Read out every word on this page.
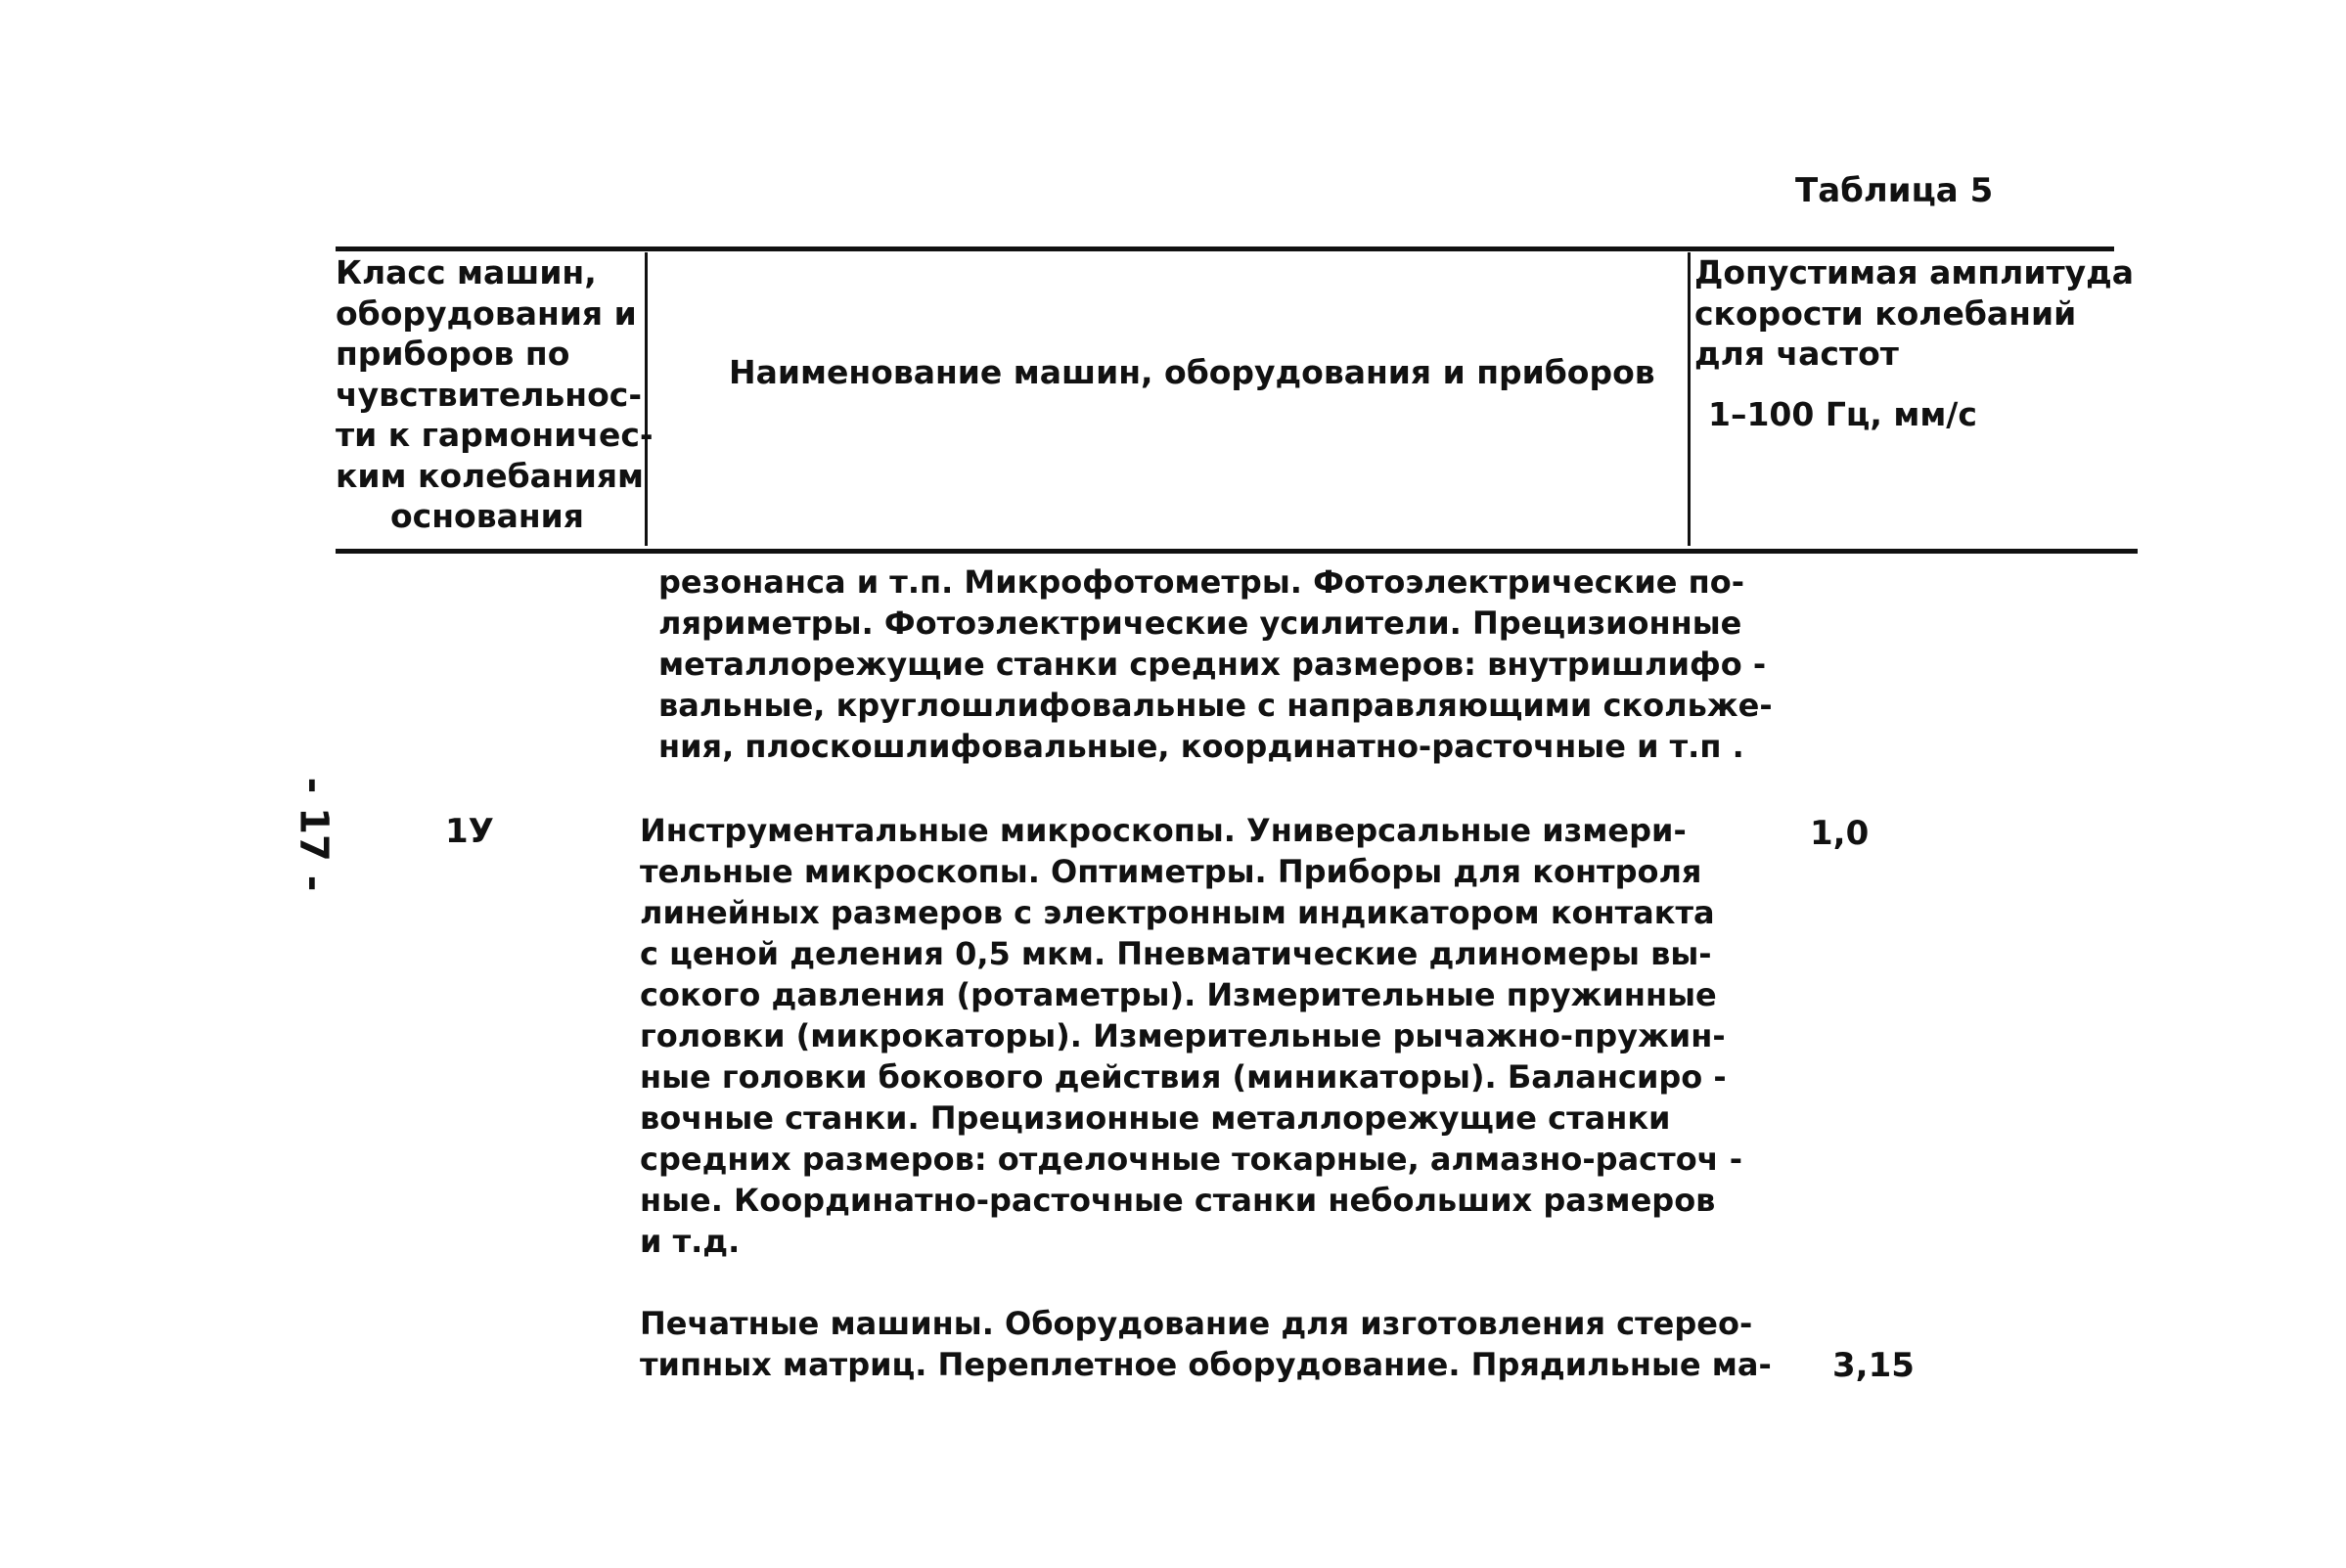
Таблица 5
Класс машин,
оборудования и
приборов по
чувствительнос-
ти к гармоничес-
ким колебаниям
основания
Наименование машин, оборудования и приборов
Допустимая амплитуда
скорости колебаний
для частот
1–100 Гц, мм/с
резонанса и т.п. Микрофотометры. Фотоэлектрические по-
ляриметры. Фотоэлектрические усилители. Прецизионные
металлорежущие станки средних размеров: внутришлифо -
вальные, круглошлифовальные с направляющими скольже-
ния, плоскошлифовальные, координатно-расточные и т.п .
- 17 -	1У	Инструментальные микроскопы. Универсальные измери-
тельные микроскопы. Оптиметры. Приборы для контроля
линейных размеров с электронным индикатором контакта
с ценой деления 0,5 мкм. Пневматические длиномеры вы-
сокого давления (ротаметры). Измерительные пружинные
головки (микрокаторы). Измерительные рычажно-пружин-
ные головки бокового действия (миникаторы). Балансиро -
вочные станки. Прецизионные металлорежущие станки
средних размеров: отделочные токарные, алмазно-расточ -
ные. Координатно-расточные станки небольших размеров
и т.д.
1,0
Печатные машины. Оборудование для изготовления стерео-
типных матриц. Переплетное оборудование. Прядильные ма- 3,15
